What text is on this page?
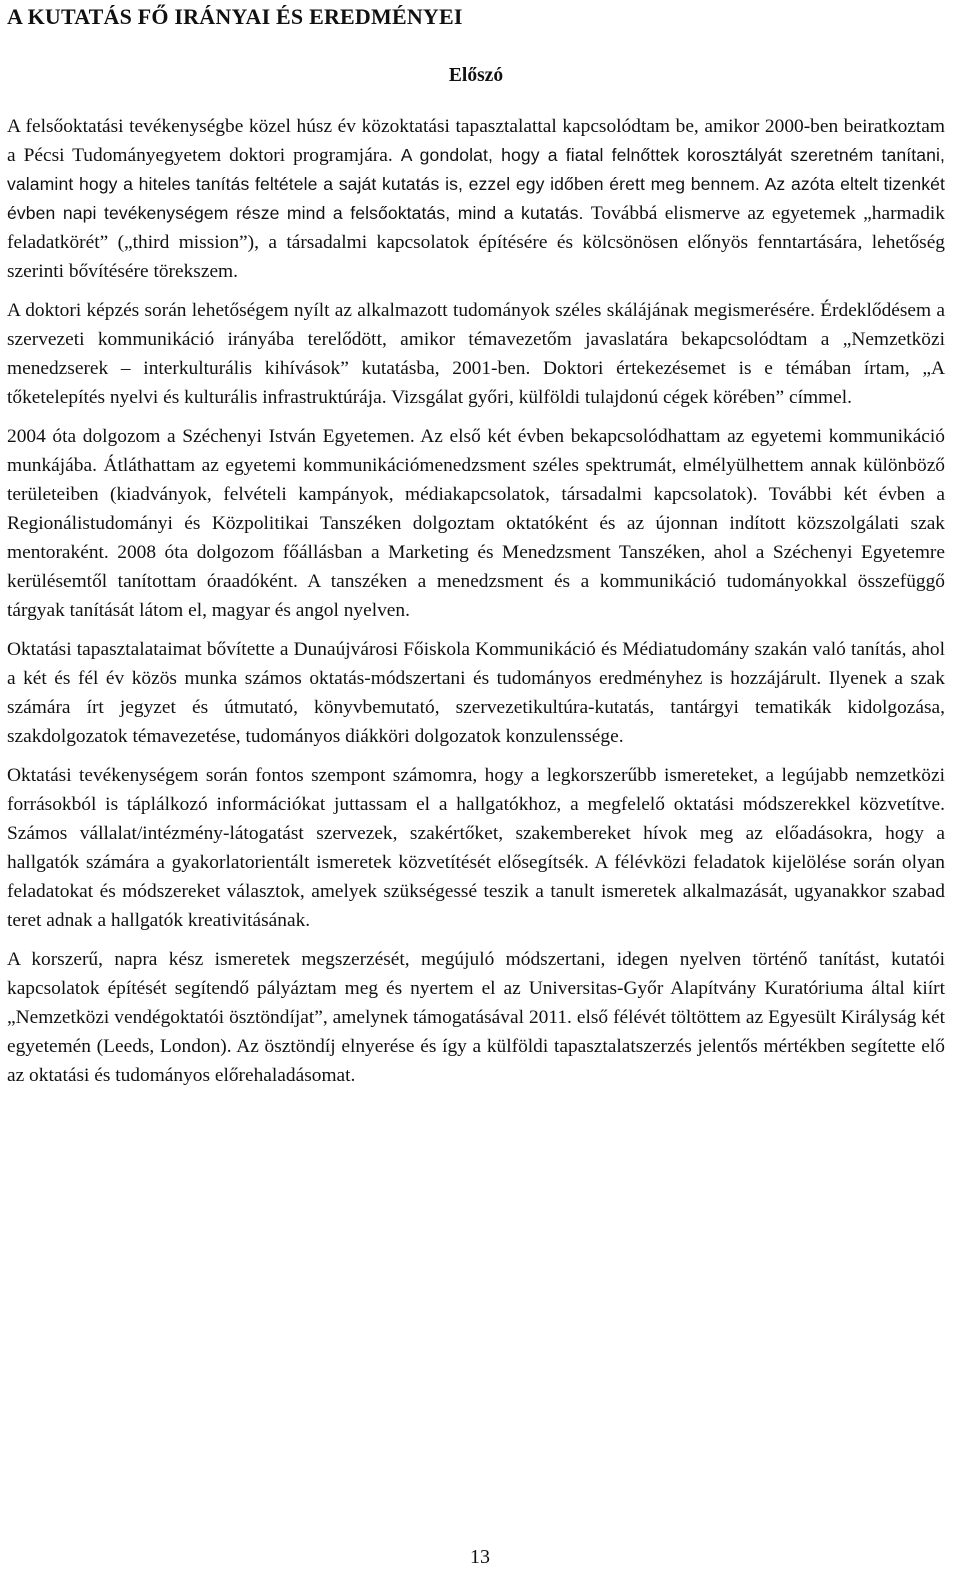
A KUTATÁS FŐ IRÁNYAI ÉS EREDMÉNYEI
Előszó

A felsőoktatási tevékenységbe közel húsz év közoktatási tapasztalattal kapcsolódtam be, amikor 2000-ben beiratkoztam a Pécsi Tudományegyetem doktori programjára. A gondolat, hogy a fiatal felnőttek korosztályát szeretném tanítani, valamint hogy a hiteles tanítás feltétele a saját kutatás is, ezzel egy időben érett meg bennem. Az azóta eltelt tizenkét évben napi tevékenységem része mind a felsőoktatás, mind a kutatás. Továbbá elismerve az egyetemek „harmadik feladatkörét” („third mission”), a társadalmi kapcsolatok építésére és kölcsönösen előnyös fenntartására, lehetőség szerinti bővítésére törekszem.

A doktori képzés során lehetőségem nyílt az alkalmazott tudományok széles skálájának megismerésére. Érdeklődésem a szervezeti kommunikáció irányába terelődött, amikor témavezetőm javaslatára bekapcsolódtam a „Nemzetközi menedzserek – interkulturális kihívások” kutatásba, 2001-ben. Doktori értekezésemet is e témában írtam, „A tőketelepítés nyelvi és kulturális infrastruktúrája. Vizsgálat győri, külföldi tulajdonú cégek körében” címmel.

2004 óta dolgozom a Széchenyi István Egyetemen. Az első két évben bekapcsolódhattam az egyetemi kommunikáció munkájába. Átláthattam az egyetemi kommunikációmenedzsment széles spektrumát, elmélyülhettem annak különböző területeiben (kiadványok, felvételi kampányok, médiakapcsolatok, társadalmi kapcsolatok). További két évben a Regionálistudományi és Közpolitikai Tanszéken dolgoztam oktatóként és az újonnan indított közszolgálati szak mentoraként. 2008 óta dolgozom főállásban a Marketing és Menedzsment Tanszéken, ahol a Széchenyi Egyetemre kerülésemtől tanítottam óraadóként. A tanszéken a menedzsment és a kommunikáció tudományokkal összefüggő tárgyak tanítását látom el, magyar és angol nyelven.

Oktatási tapasztalataimat bővítette a Dunaújvárosi Főiskola Kommunikáció és Médiatudomány szakán való tanítás, ahol a két és fél év közös munka számos oktatás-módszertani és tudományos eredményhez is hozzájárult. Ilyenek a szak számára írt jegyzet és útmutató, könyvbemutató, szervezetikultúra-kutatás, tantárgyi tematikák kidolgozása, szakdolgozatok témavezetése, tudományos diákköri dolgozatok konzulenssége.

Oktatási tevékenységem során fontos szempont számomra, hogy a legkorszerűbb ismereteket, a legújabb nemzetközi forrásokból is táplálkozó információkat juttassam el a hallgatókhoz, a megfelelő oktatási módszerekkel közvetítve. Számos vállalat/intézmény-látogatást szervezek, szakértőket, szakembereket hívok meg az előadásokra, hogy a hallgatók számára a gyakorlatorientált ismeretek közvetítését elősegítsék. A félévközi feladatok kijelölése során olyan feladatokat és módszereket választok, amelyek szükségessé teszik a tanult ismeretek alkalmazását, ugyanakkor szabad teret adnak a hallgatók kreativitásának.

A korszerű, napra kész ismeretek megszerzését, megújuló módszertani, idegen nyelven történő tanítást, kutatói kapcsolatok építését segítendő pályáztam meg és nyertem el az Universitas-Győr Alapítvány Kuratóriuma által kiírt „Nemzetközi vendégoktatói ösztöndíjat”, amelynek támogatásával 2011. első félévét töltöttem az Egyesült Királyság két egyetemén (Leeds, London). Az ösztöndíj elnyerése és így a külföldi tapasztalatszerzés jelentős mértékben segítette elő az oktatási és tudományos előrehaladásomat.

13
